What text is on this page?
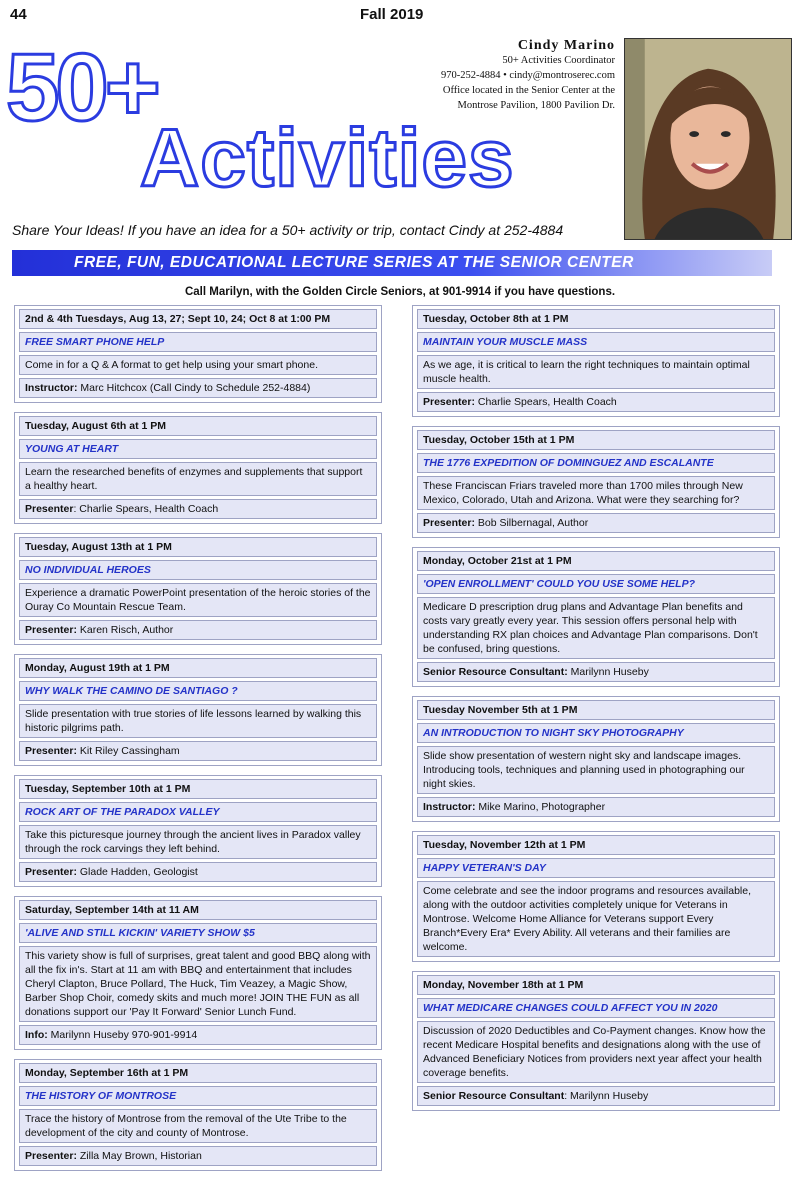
44	Fall 2019
50+
Activities
Cindy Marino
50+ Activities Coordinator
970-252-4884 • cindy@montroserec.com
Office located in the Senior Center at the
Montrose Pavilion, 1800 Pavilion Dr.
Share Your Ideas! If you have an idea for a 50+ activity or trip, contact Cindy at 252-4884
FREE, FUN, EDUCATIONAL LECTURE SERIES AT THE SENIOR CENTER
Call Marilyn, with the Golden Circle Seniors, at 901-9914 if you have questions.
2nd & 4th Tuesdays, Aug 13, 27; Sept 10, 24; Oct 8 at 1:00 PM
FREE SMART PHONE HELP
Come in for a Q & A format to get help using your smart phone.
Instructor: Marc Hitchcox (Call Cindy to Schedule 252-4884)
Tuesday, August 6th at 1 PM
YOUNG AT HEART
Learn the researched benefits of enzymes and supplements that support a healthy heart.
Presenter: Charlie Spears, Health Coach
Tuesday, August 13th at 1 PM
NO INDIVIDUAL HEROES
Experience a dramatic PowerPoint presentation of the heroic stories of the Ouray Co Mountain Rescue Team.
Presenter: Karen Risch, Author
Monday, August 19th at 1 PM
WHY WALK THE CAMINO DE SANTIAGO ?
Slide presentation with true stories of life lessons learned by walking this historic pilgrims path.
Presenter: Kit Riley Cassingham
Tuesday, September 10th at 1 PM
ROCK ART OF THE PARADOX VALLEY
Take this picturesque journey through the ancient lives in Paradox valley through the rock carvings they left behind.
Presenter: Glade Hadden, Geologist
Saturday, September 14th at 11 AM
'ALIVE AND STILL KICKIN' VARIETY SHOW $5
This variety show is full of surprises, great talent and good BBQ along with all the fix in's. Start at 11 am with BBQ and entertainment that includes Cheryl Clapton, Bruce Pollard, The Huck, Tim Veazey, a Magic Show, Barber Shop Choir, comedy skits and much more! JOIN THE FUN as all donations support our 'Pay It Forward' Senior Lunch Fund.
Info: Marilynn Huseby 970-901-9914
Monday, September 16th at 1 PM
THE HISTORY OF MONTROSE
Trace the history of Montrose from the removal of the Ute Tribe to the development of the city and county of Montrose.
Presenter: Zilla May Brown, Historian
Tuesday, October 8th at 1 PM
MAINTAIN YOUR MUSCLE MASS
As we age, it is critical to learn the right techniques to maintain optimal muscle health.
Presenter: Charlie Spears, Health Coach
Tuesday, October 15th at 1 PM
THE 1776 EXPEDITION OF DOMINGUEZ AND ESCALANTE
These Franciscan Friars traveled more than 1700 miles through New Mexico, Colorado, Utah and Arizona. What were they searching for?
Presenter: Bob Silbernagal, Author
Monday, October 21st at 1 PM
'OPEN ENROLLMENT' COULD YOU USE SOME HELP?
Medicare D prescription drug plans and Advantage Plan benefits and costs vary greatly every year. This session offers personal help with understanding RX plan choices and Advantage Plan comparisons. Don't be confused, bring questions.
Senior Resource Consultant: Marilynn Huseby
Tuesday November 5th at 1 PM
AN INTRODUCTION TO NIGHT SKY PHOTOGRAPHY
Slide show presentation of western night sky and landscape images. Introducing tools, techniques and planning used in photographing our night skies.
Instructor: Mike Marino, Photographer
Tuesday, November 12th at 1 PM
HAPPY VETERAN'S DAY
Come celebrate and see the indoor programs and resources available, along with the outdoor activities completely unique for Veterans in Montrose. Welcome Home Alliance for Veterans support Every Branch*Every Era* Every Ability. All veterans and their families are welcome.
Monday, November 18th at 1 PM
WHAT MEDICARE CHANGES COULD AFFECT YOU IN 2020
Discussion of 2020 Deductibles and Co-Payment changes. Know how the recent Medicare Hospital benefits and designations along with the use of Advanced Beneficiary Notices from providers next year affect your health coverage benefits.
Senior Resource Consultant: Marilynn Huseby
